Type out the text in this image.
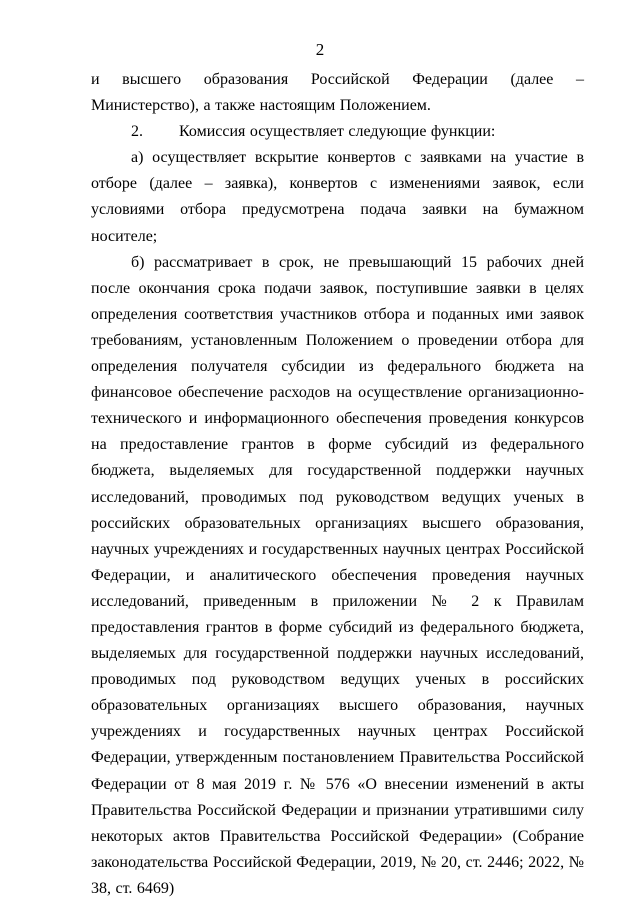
2

и высшего образования Российской Федерации (далее – Министерство), а также настоящим Положением.

2.        Комиссия осуществляет следующие функции:

а) осуществляет вскрытие конвертов с заявками на участие в отборе (далее – заявка), конвертов с изменениями заявок, если условиями отбора предусмотрена подача заявки на бумажном носителе;

б) рассматривает в срок, не превышающий 15 рабочих дней после окончания срока подачи заявок, поступившие заявки в целях определения соответствия участников отбора и поданных ими заявок требованиям, установленным Положением о проведении отбора для определения получателя субсидии из федерального бюджета на финансовое обеспечение расходов на осуществление организационно-технического и информационного обеспечения проведения конкурсов на предоставление грантов в форме субсидий из федерального бюджета, выделяемых для государственной поддержки научных исследований, проводимых под руководством ведущих ученых в российских образовательных организациях высшего образования, научных учреждениях и государственных научных центрах Российской Федерации, и аналитического обеспечения проведения научных исследований, приведенным в приложении № 2 к Правилам предоставления грантов в форме субсидий из федерального бюджета, выделяемых для государственной поддержки научных исследований, проводимых под руководством ведущих ученых в российских образовательных организациях высшего образования, научных учреждениях и государственных научных центрах Российской Федерации, утвержденным постановлением Правительства Российской Федерации от 8 мая 2019 г. № 576 «О внесении изменений в акты Правительства Российской Федерации и признании утратившими силу некоторых актов Правительства Российской Федерации» (Собрание законодательства Российской Федерации, 2019, № 20, ст. 2446; 2022, № 38, ст. 6469)
